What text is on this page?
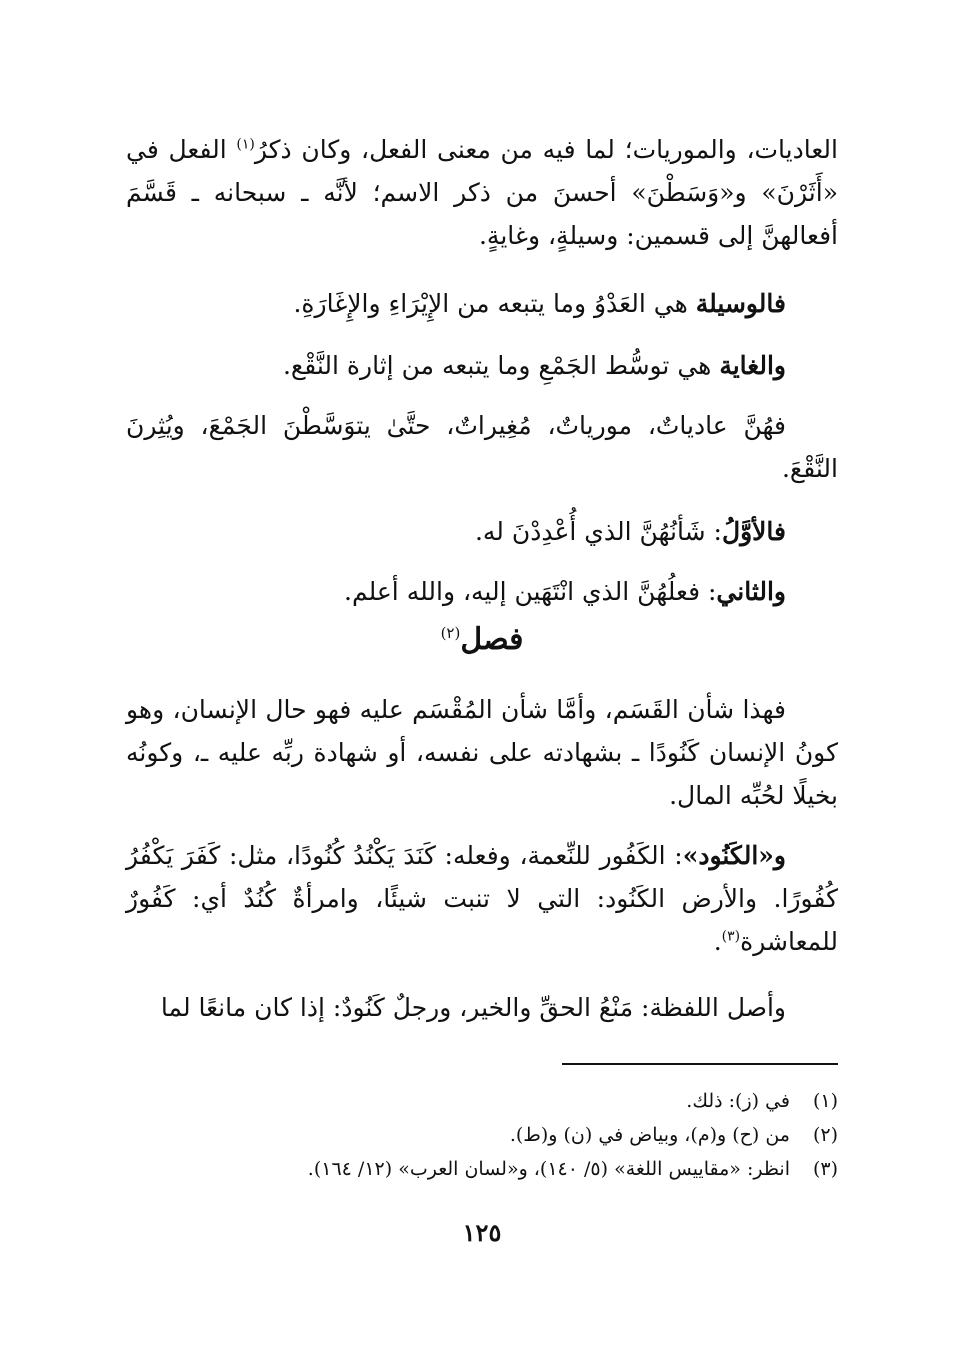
العاديات، والموريات؛ لما فيه من معنى الفعل، وكان ذكرُ$^{(١)}$ الفعل في «أَثَرْنَ» و«وَسَطْنَ» أحسنَ من ذكر الاسم؛ لأنَّه ـ سبحانه ـ قَسَّمَ أفعالهنَّ إلى قسمين: وسيلةٍ، وغايةٍ.

فالوسيلة هي العَدْوُ وما يتبعه من الإِيْرَاءِ والإِغَارَةِ.
والغاية هي توسُّط الجَمْعِ وما يتبعه من إثارة النَّقْع.

فهُنَّ عادياتٌ، مورياتٌ، مُغِيراتٌ، حتَّىٰ يتوَسَّطْنَ الجَمْعَ، ويُثِرنَ النَّقْعَ.

فالأوَّلُ: شَأنُهُنَّ الذي أُعْدِدْنَ له.
والثاني: فعلُهُنَّ الذي انْتَهَين إليه، والله أعلم.
فصل$^{(٢)}$

فهذا شأن القَسَم، وأمَّا شأن المُقْسَم عليه فهو حال الإنسان، وهو كونُ الإنسان كَنُودًا ـ بشهادته على نفسه، أو شهادة ربِّه عليه ـ، وكونُه بخيلًا لحُبِّه المال.

و«الكَنُود»: الكَفُور للنِّعمة، وفعله: كَنَدَ يَكْنُدُ كُنُودًا، مثل: كَفَرَ يَكْفُرُ كُفُورًا. والأرض الكَنُود: التي لا تنبت شيئًا، وامرأةٌ كُنُدٌ أي: كَفُورٌ للمعاشرة$^{(٣)}$.

وأصل اللفظة: مَنْعُ الحقِّ والخير، ورجلٌ كَنُودٌ: إذا كان مانعًا لما

(١)
في (ز): ذلك.
(٢)
من (ح) و(م)، وبياض في (ن) و(ط).
(٣)
انظر: «مقاييس اللغة» (٥/ ١٤٠)، و«لسان العرب» (١٢/ ١٦٤).
١٢٥
